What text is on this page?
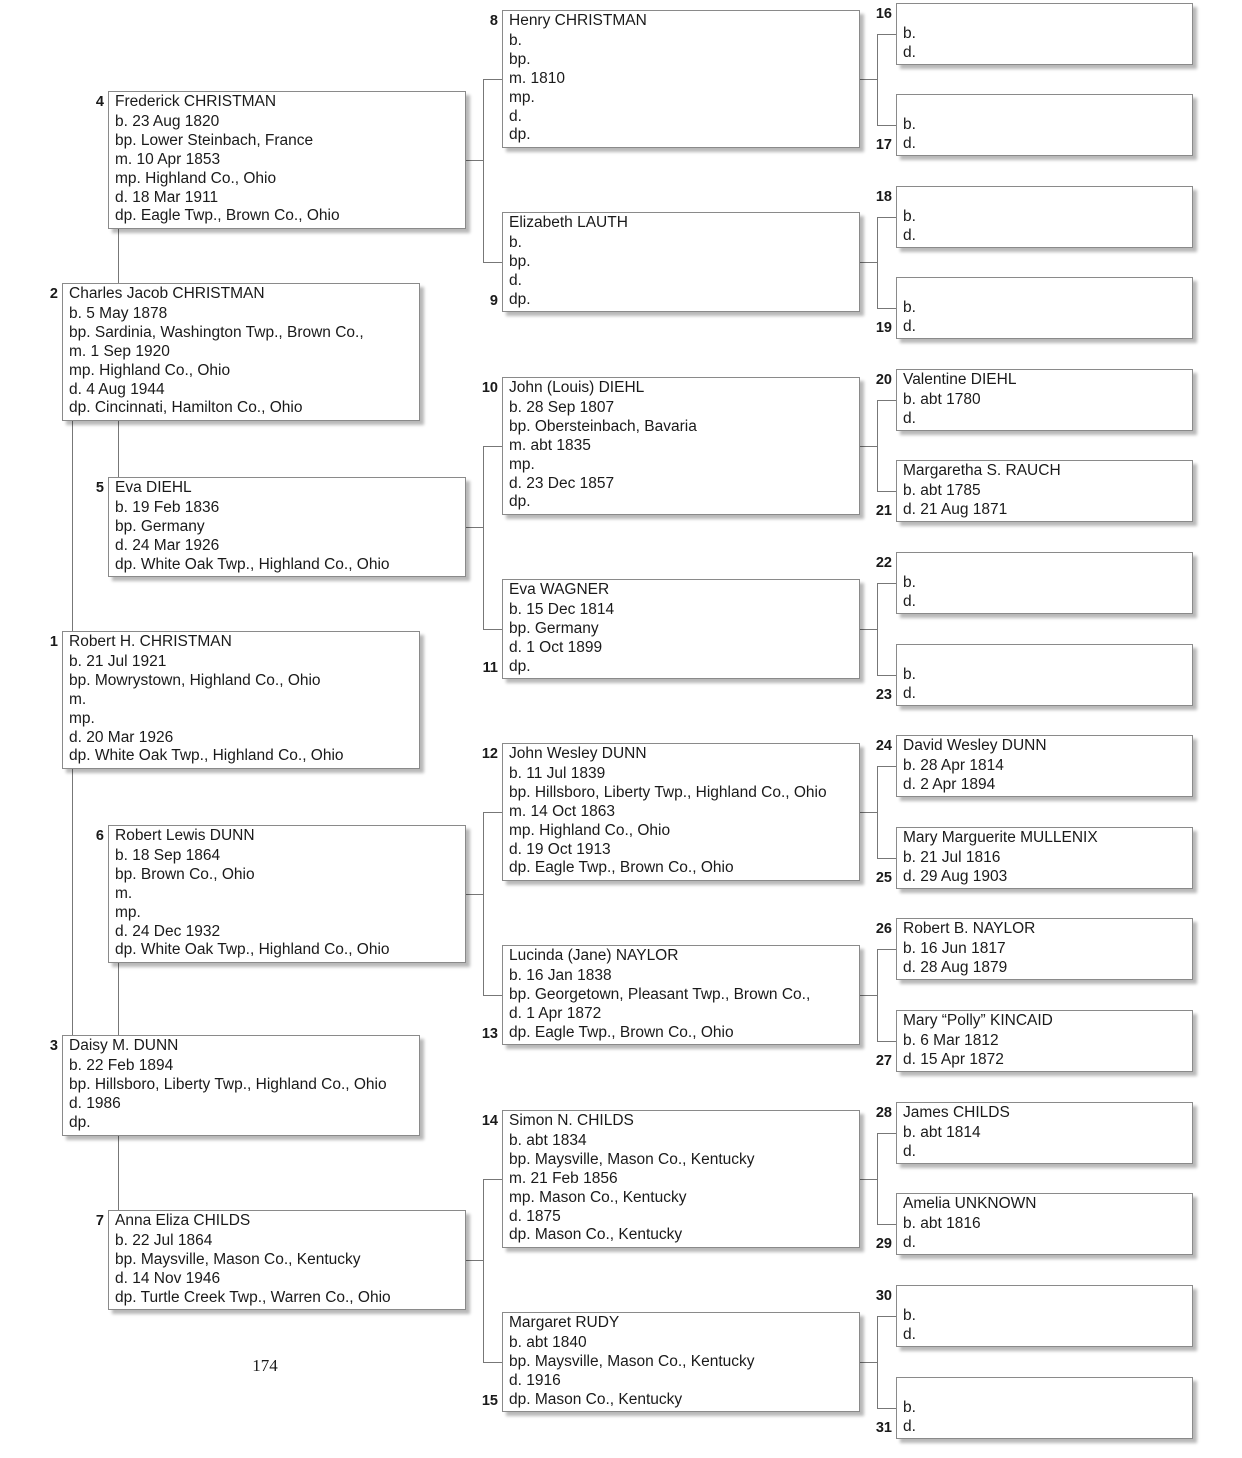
Robert H. CHRISTMAN
b. 21 Jul 1921
bp. Mowrystown, Highland Co., Ohio
m.
mp.
d. 20 Mar 1926
dp. White Oak Twp., Highland Co., Ohio
1
Charles Jacob CHRISTMAN
b. 5 May 1878
bp. Sardinia, Washington Twp., Brown Co.,
m. 1 Sep 1920
mp. Highland Co., Ohio
d. 4 Aug 1944
dp. Cincinnati, Hamilton Co., Ohio
2
Daisy M. DUNN
b. 22 Feb 1894
bp. Hillsboro, Liberty Twp., Highland Co., Ohio
d. 1986
dp.
3
Frederick CHRISTMAN
b. 23 Aug 1820
bp. Lower Steinbach, France
m. 10 Apr 1853
mp. Highland Co., Ohio
d. 18 Mar 1911
dp. Eagle Twp., Brown Co., Ohio
4
Eva DIEHL
b. 19 Feb 1836
bp. Germany
d. 24 Mar 1926
dp. White Oak Twp., Highland Co., Ohio
5
Robert Lewis DUNN
b. 18 Sep 1864
bp. Brown Co., Ohio
m.
mp.
d. 24 Dec 1932
dp. White Oak Twp., Highland Co., Ohio
6
Anna Eliza CHILDS
b. 22 Jul 1864
bp. Maysville, Mason Co., Kentucky
d. 14 Nov 1946
dp. Turtle Creek Twp., Warren Co., Ohio
7
Henry CHRISTMAN
b.
bp.
m. 1810
mp.
d.
dp.
8
Elizabeth LAUTH
b.
bp.
d.
dp.
9
John (Louis) DIEHL
b. 28 Sep 1807
bp. Obersteinbach, Bavaria
m. abt 1835
mp.
d. 23 Dec 1857
dp.
10
Eva WAGNER
b. 15 Dec 1814
bp. Germany
d. 1 Oct 1899
dp.
11
John Wesley DUNN
b. 11 Jul 1839
bp. Hillsboro, Liberty Twp., Highland Co., Ohio
m. 14 Oct 1863
mp. Highland Co., Ohio
d. 19 Oct 1913
dp. Eagle Twp., Brown Co., Ohio
12
Lucinda (Jane) NAYLOR
b. 16 Jan 1838
bp. Georgetown, Pleasant Twp., Brown Co.,
d. 1 Apr 1872
dp. Eagle Twp., Brown Co., Ohio
13
Simon N. CHILDS
b. abt 1834
bp. Maysville, Mason Co., Kentucky
m. 21 Feb 1856
mp. Mason Co., Kentucky
d. 1875
dp. Mason Co., Kentucky
14
Margaret RUDY
b. abt 1840
bp. Maysville, Mason Co., Kentucky
d. 1916
dp. Mason Co., Kentucky
15
b.
d.
16
b.
d.
17
b.
d.
18
b.
d.
19
Valentine DIEHL
b. abt 1780
d.
20
Margaretha S. RAUCH
b. abt 1785
d. 21 Aug 1871
21
b.
d.
22
b.
d.
23
David Wesley DUNN
b. 28 Apr 1814
d. 2 Apr 1894
24
Mary Marguerite MULLENIX
b. 21 Jul 1816
d. 29 Aug 1903
25
Robert B. NAYLOR
b. 16 Jun 1817
d. 28 Aug 1879
26
Mary “Polly” KINCAID
b. 6 Mar 1812
d. 15 Apr 1872
27
James CHILDS
b. abt 1814
d.
28
Amelia UNKNOWN
b. abt 1816
d.
29
b.
d.
30
b.
d.
31
174
